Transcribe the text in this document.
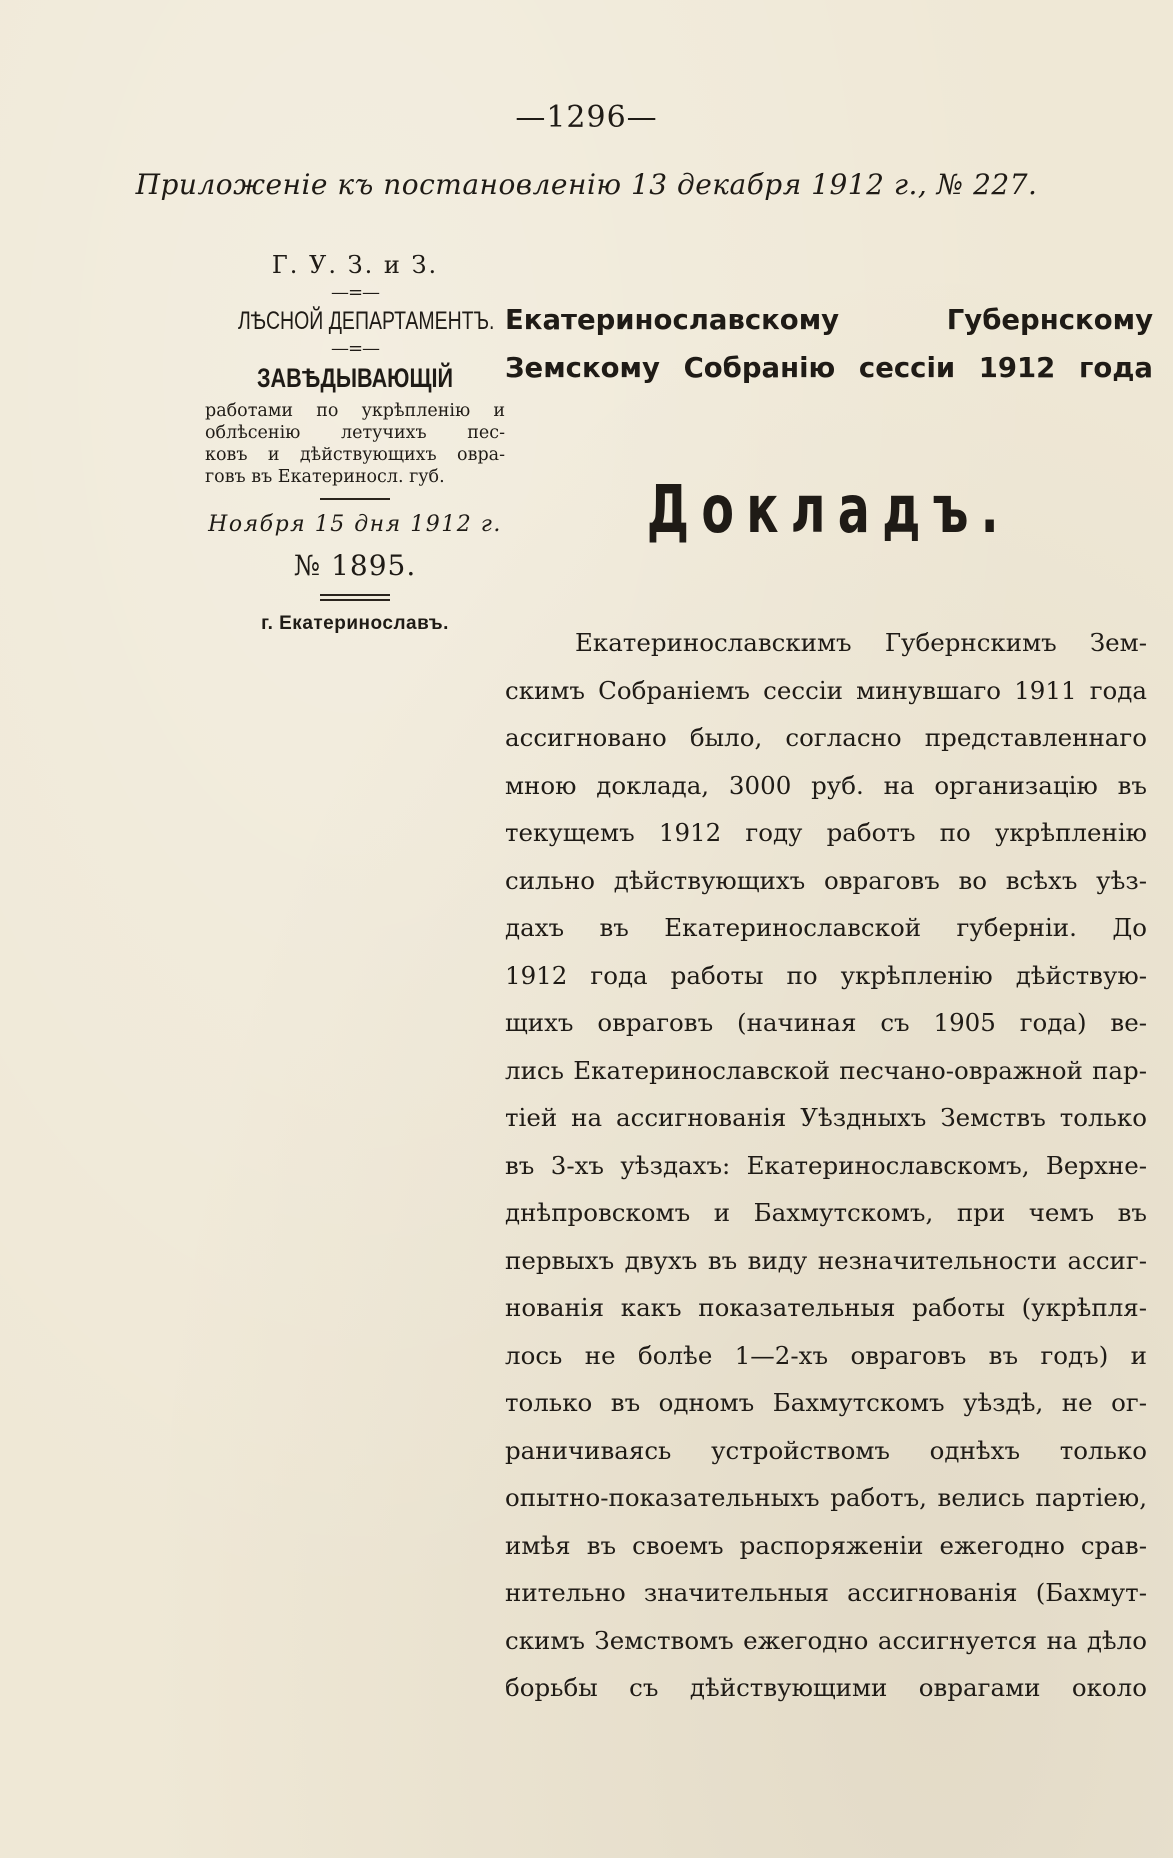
—1296—
Приложеніе къ постановленію 13 декабря 1912 г., № 227.
Г. У. З. и З.
—=—
ЛѢСНОЙ ДЕПАРТАМЕНТЪ.
—=—
ЗАВѢДЫВАЮЩІЙ
работами по укрѣпленію и
облѣсенію летучихъ пес-
ковъ и дѣйствующихъ овра-
говъ въ Екатериносл. губ.
Ноября 15 дня 1912 г.
№ 1895.
г. Екатеринославъ.
Екатеринославскому Губернскому
Земскому Собранію сессіи 1912 года
Докладъ.
Екатеринославскимъ Губернскимъ Зем-
скимъ Собраніемъ сессіи минувшаго 1911 года
ассигновано было, согласно представленнаго
мною доклада, 3000 руб. на организацію въ
текущемъ 1912 году работъ по укрѣпленію
сильно дѣйствующихъ овраговъ во всѣхъ уѣз-
дахъ въ Екатеринославской губерніи. До
1912 года работы по укрѣпленію дѣйствую-
щихъ овраговъ (начиная съ 1905 года) ве-
лись Екатеринославской песчано-овражной пар-
тіей на ассигнованія Уѣздныхъ Земствъ только
въ 3-хъ уѣздахъ: Екатеринославскомъ, Верхне-
днѣпровскомъ и Бахмутскомъ, при чемъ въ
первыхъ двухъ въ виду незначительности ассиг-
нованія какъ показательныя работы (укрѣпля-
лось не болѣе 1—2-хъ овраговъ въ годъ) и
только въ одномъ Бахмутскомъ уѣздѣ, не ог-
раничиваясь устройствомъ однѣхъ только
опытно-показательныхъ работъ, велись партіею,
имѣя въ своемъ распоряженіи ежегодно срав-
нительно значительныя ассигнованія (Бахмут-
скимъ Земствомъ ежегодно ассигнуется на дѣло
борьбы съ дѣйствующими оврагами около
